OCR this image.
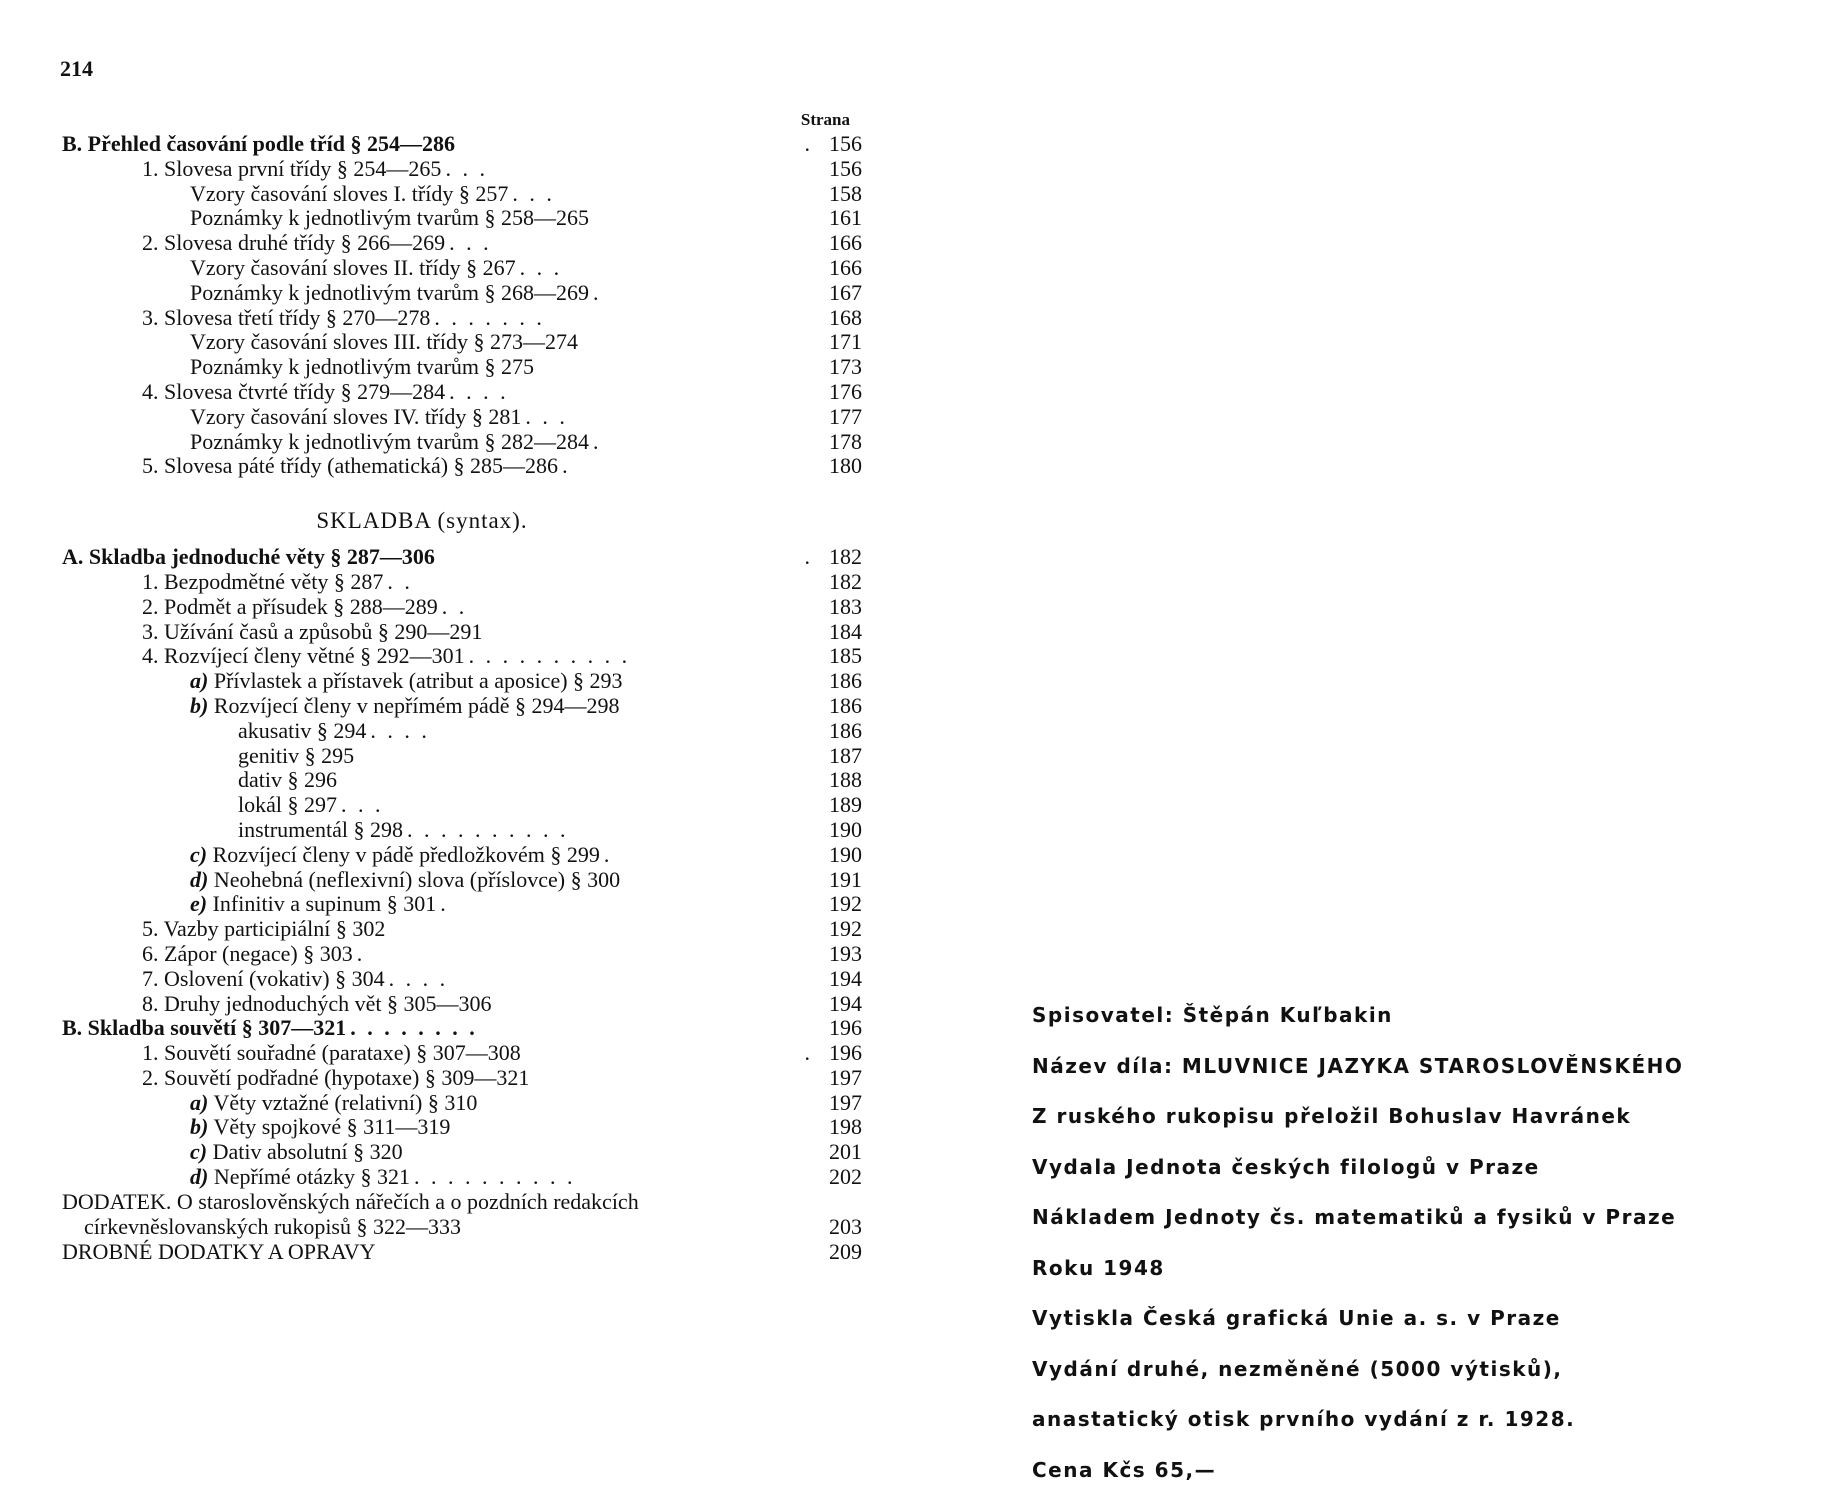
214
Strana
B. Přehled časování podle tříd § 254—286	. 156
1. Slovesa první třídy § 254—265 . . .	156
Vzory časování sloves I. třídy § 257 . . .	158
Poznámky k jednotlivým tvarům § 258—265	161
2. Slovesa druhé třídy § 266—269 . . .	166
Vzory časování sloves II. třídy § 267 . . .	166
Poznámky k jednotlivým tvarům § 268—269 .	167
3. Slovesa třetí třídy § 270—278 . . . . . . .	168
Vzory časování sloves III. třídy § 273—274	171
Poznámky k jednotlivým tvarům § 275	173
4. Slovesa čtvrté třídy § 279—284 . . . .	176
Vzory časování sloves IV. třídy § 281 . . .	177
Poznámky k jednotlivým tvarům § 282—284 .	178
5. Slovesa páté třídy (athematická) § 285—286 .	180
SKLADBA (syntax).
A. Skladba jednoduché věty § 287—306	. 182
1. Bezpodmětné věty § 287 . .	182
2. Podmět a přísudek § 288—289 . .	183
3. Užívání časů a způsobů § 290—291	184
4. Rozvíjecí členy větné § 292—301 . . . . . . . . . .	185
a) Přívlastek a přístavek (atribut a aposice) § 293	186
b) Rozvíjecí členy v nepřímém pádě § 294—298	186
akusativ § 294 . . . .	186
genitiv § 295	187
dativ § 296	188
lokál § 297 . . .	189
instrumentál § 298 . . . . . . . . . .	190
c) Rozvíjecí členy v pádě předložkovém § 299 .	190
d) Neohebná (neflexivní) slova (příslovce) § 300	191
e) Infinitiv a supinum § 301 .	192
5. Vazby participiální § 302	192
6. Zápor (negace) § 303 .	193
7. Oslovení (vokativ) § 304 . . . .	194
8. Druhy jednoduchých vět § 305—306	194
B. Skladba souvětí § 307—321 . . . . . . . .	196
1. Souvětí souřadné (parataxe) § 307—308	. 196
2. Souvětí podřadné (hypotaxe) § 309—321	197
a) Věty vztažné (relativní) § 310	197
b) Věty spojkové § 311—319	198
c) Dativ absolutní § 320	201
d) Nepřímé otázky § 321 . . . . . . . . . .	202
DODATEK. O staroslověnských nářečích a o pozdních redakcích
církevněslovanských rukopisů § 322—333	203
DROBNÉ DODATKY A OPRAVY	209
Spisovatel: Štěpán Kuľbakin
Název díla: MLUVNICE JAZYKA STAROSLOVĚNSKÉHO
Z ruského rukopisu přeložil Bohuslav Havránek
Vydala Jednota českých filologů v Praze
Nákladem Jednoty čs. matematiků a fysiků v Praze
Roku 1948
Vytiskla Česká grafická Unie a. s. v Praze
Vydání druhé, nezměněné (5000 výtisků),
anastatický otisk prvního vydání z r. 1928.
Cena Kčs 65,—
